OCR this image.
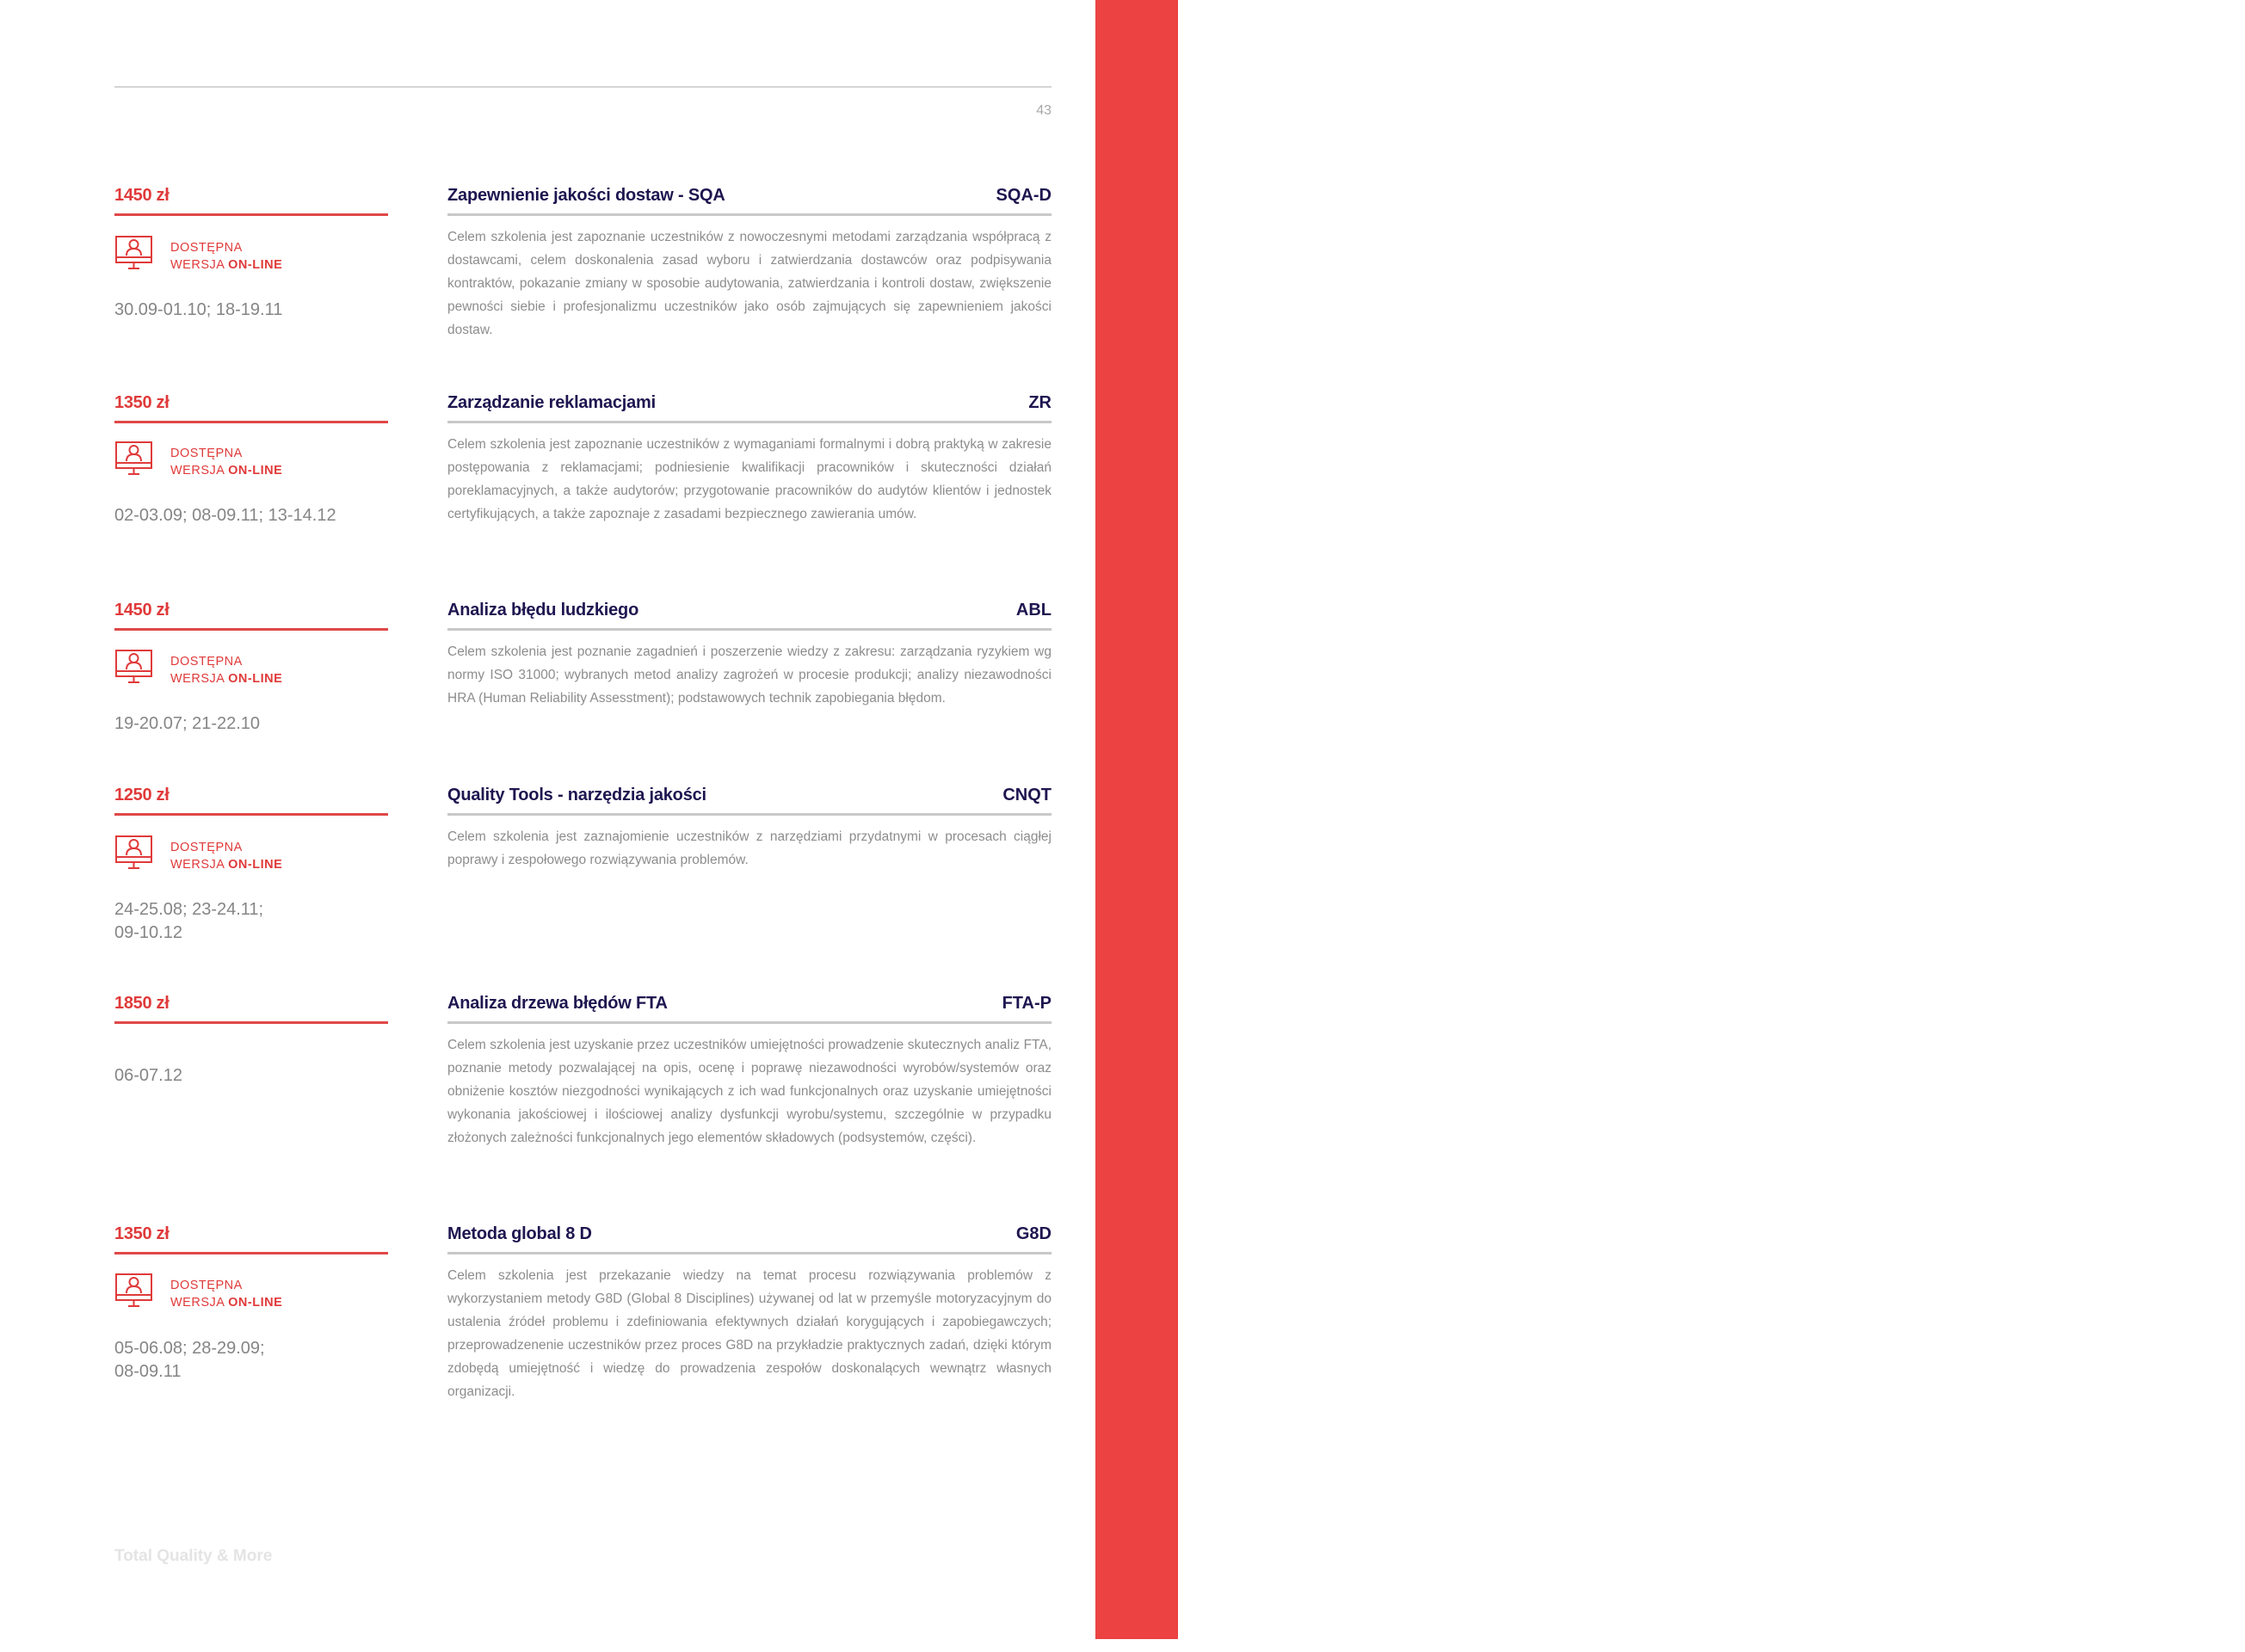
43
Uniwersalne narzędzia jakości
1450 zł
DOSTĘPNA
WERSJA ON-LINE
30.09-01.10; 18-19.11

Zapewnienie jakości dostaw - SQA	SQA-D
Celem szkolenia jest zapoznanie uczestników z nowoczesnymi metodami zarządzania współpracą z dostawcami, celem doskonalenia zasad wyboru i zatwierdzania dostawców oraz podpisywania kontraktów, pokazanie zmiany w sposobie audytowania, zatwierdzania i kontroli dostaw, zwiększenie pewności siebie i profesjonalizmu uczestników jako osób zajmujących się zapewnieniem jakości dostaw.
1350 zł
DOSTĘPNA
WERSJA ON-LINE
02-03.09; 08-09.11; 13-14.12

Zarządzanie reklamacjami	ZR
Celem szkolenia jest zapoznanie uczestników z wymaganiami formalnymi i dobrą praktyką w zakresie postępowania z reklamacjami; podniesienie kwalifikacji pracowników i skuteczności działań poreklamacyjnych, a także audytorów; przygotowanie pracowników do audytów klientów i jednostek certyfikujących, a także zapoznaje z zasadami bezpiecznego zawierania umów.
1450 zł
DOSTĘPNA
WERSJA ON-LINE
19-20.07; 21-22.10

Analiza błędu ludzkiego	ABL
Celem szkolenia jest poznanie zagadnień i poszerzenie wiedzy z zakresu: zarządzania ryzykiem wg normy ISO 31000; wybranych metod analizy zagrożeń w procesie produkcji; analizy niezawodności HRA (Human Reliability Assesstment); podstawowych technik zapobiegania błędom.
1250 zł
DOSTĘPNA
WERSJA ON-LINE
24-25.08; 23-24.11;
09-10.12
Quality Tools - narzędzia jakości	CNQT
Celem szkolenia jest zaznajomienie uczestników z narzędziami przydatnymi w procesach ciągłej poprawy i zespołowego rozwiązywania problemów.
1850 zł
06-07.12

Analiza drzewa błędów FTA	FTA-P
Celem szkolenia jest uzyskanie przez uczestników umiejętności prowadzenie skutecznych analiz FTA, poznanie metody pozwalającej na opis, ocenę i poprawę niezawodności wyrobów/systemów oraz obniżenie kosztów niezgodności wynikających z ich wad funkcjonalnych oraz uzyskanie umiejętności wykonania jakościowej i ilościowej analizy dysfunkcji wyrobu/systemu, szczególnie w przypadku złożonych zależności funkcjonalnych jego elementów składowych (podsystemów, części).
1350 zł
DOSTĘPNA
WERSJA ON-LINE
05-06.08; 28-29.09;
08-09.11
Metoda global 8 D	G8D
Celem szkolenia jest przekazanie wiedzy na temat procesu rozwiązywania problemów z wykorzystaniem metody G8D (Global 8 Disciplines) używanej od lat w przemyśle motoryzacyjnym do ustalenia źródeł problemu i zdefiniowania efektywnych działań korygujących i zapobiegawczych; przeprowadzenenie uczestników przez proces G8D na przykładzie praktycznych zadań, dzięki którym zdobędą umiejętność i wiedzę do prowadzenia zespołów doskonalących wewnątrz własnych organizacji.
Total Quality & More
